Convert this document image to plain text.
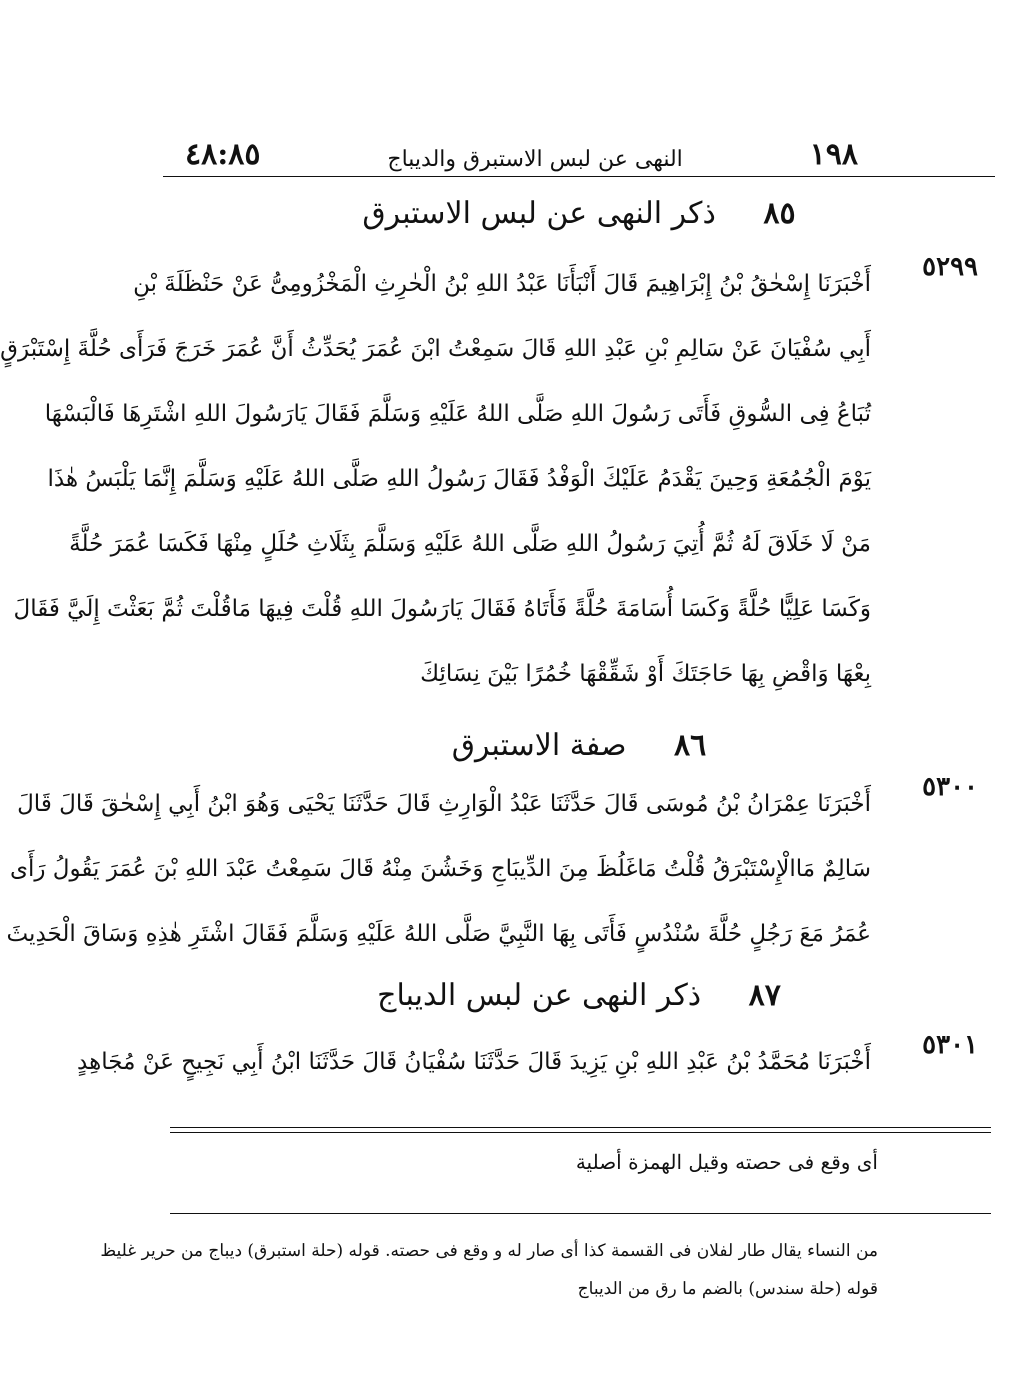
١٩٨
النهى عن لبس الاستبرق والديباج
٤٨:٨٥
٨٥ ذكر النهى عن لبس الاستبرق
٥٢٩٩
أَخْبَرَنَا إِسْحٰقُ بْنُ إِبْرَاهِيمَ قَالَ أَنْبَأَنَا عَبْدُ اللهِ بْنُ الْحٰرِثِ الْمَخْزُومِىُّ عَنْ حَنْظَلَةَ بْنِ
أَبِي سُفْيَانَ عَنْ سَالِمِ بْنِ عَبْدِ اللهِ قَالَ سَمِعْتُ ابْنَ عُمَرَ يُحَدِّثُ أَنَّ عُمَرَ خَرَجَ فَرَأَى حُلَّةَ إِسْتَبْرَقٍ
تُبَاعُ فِى السُّوقِ فَأَتَى رَسُولَ اللهِ صَلَّى اللهُ عَلَيْهِ وَسَلَّمَ فَقَالَ يَارَسُولَ اللهِ اشْتَرِهَا فَالْبَسْهَا
يَوْمَ الْجُمُعَةِ وَحِينَ يَقْدَمُ عَلَيْكَ الْوَفْدُ فَقَالَ رَسُولُ اللهِ صَلَّى اللهُ عَلَيْهِ وَسَلَّمَ إِنَّمَا يَلْبَسُ هٰذَا
مَنْ لَا خَلَاقَ لَهُ ثُمَّ أُتِيَ رَسُولُ اللهِ صَلَّى اللهُ عَلَيْهِ وَسَلَّمَ بِثَلَاثِ حُلَلٍ مِنْهَا فَكَسَا عُمَرَ حُلَّةً
وَكَسَا عَلِيًّا حُلَّةً وَكَسَا أُسَامَةَ حُلَّةً فَأَتَاهُ فَقَالَ يَارَسُولَ اللهِ قُلْتَ فِيهَا مَاقُلْتَ ثُمَّ بَعَثْتَ إِلَيَّ فَقَالَ
بِعْهَا وَاقْضِ بِهَا حَاجَتَكَ أَوْ شَقِّقْهَا خُمُرًا بَيْنَ نِسَائِكَ
٨٦ صفة الاستبرق
٥٣٠٠
أَخْبَرَنَا عِمْرَانُ بْنُ مُوسَى قَالَ حَدَّثَنَا عَبْدُ الْوَارِثِ قَالَ حَدَّثَنَا يَحْيَى وَهُوَ ابْنُ أَبِي إِسْحٰقَ قَالَ قَالَ
سَالِمٌ مَاالْإِسْتَبْرَقُ قُلْتُ مَاغَلُظَ مِنَ الدِّيبَاجِ وَخَشُنَ مِنْهُ قَالَ سَمِعْتُ عَبْدَ اللهِ بْنَ عُمَرَ يَقُولُ رَأَى
عُمَرُ مَعَ رَجُلٍ حُلَّةَ سُنْدُسٍ فَأَتَى بِهَا النَّبِيَّ صَلَّى اللهُ عَلَيْهِ وَسَلَّمَ فَقَالَ اشْتَرِ هٰذِهِ وَسَاقَ الْحَدِيثَ
٨٧ ذكر النهى عن لبس الديباج
٥٣٠١
أَخْبَرَنَا مُحَمَّدُ بْنُ عَبْدِ اللهِ بْنِ يَزِيدَ قَالَ حَدَّثَنَا سُفْيَانُ قَالَ حَدَّثَنَا ابْنُ أَبِي نَجِيحٍ عَنْ مُجَاهِدٍ
أى وقع فى حصته وقيل الهمزة أصلية
من النساء يقال طار لفلان فى القسمة كذا أى صار له و وقع فى حصته. قوله (حلة استبرق) ديباج من حرير غليظ
قوله (حلة سندس) بالضم ما رق من الديباج
